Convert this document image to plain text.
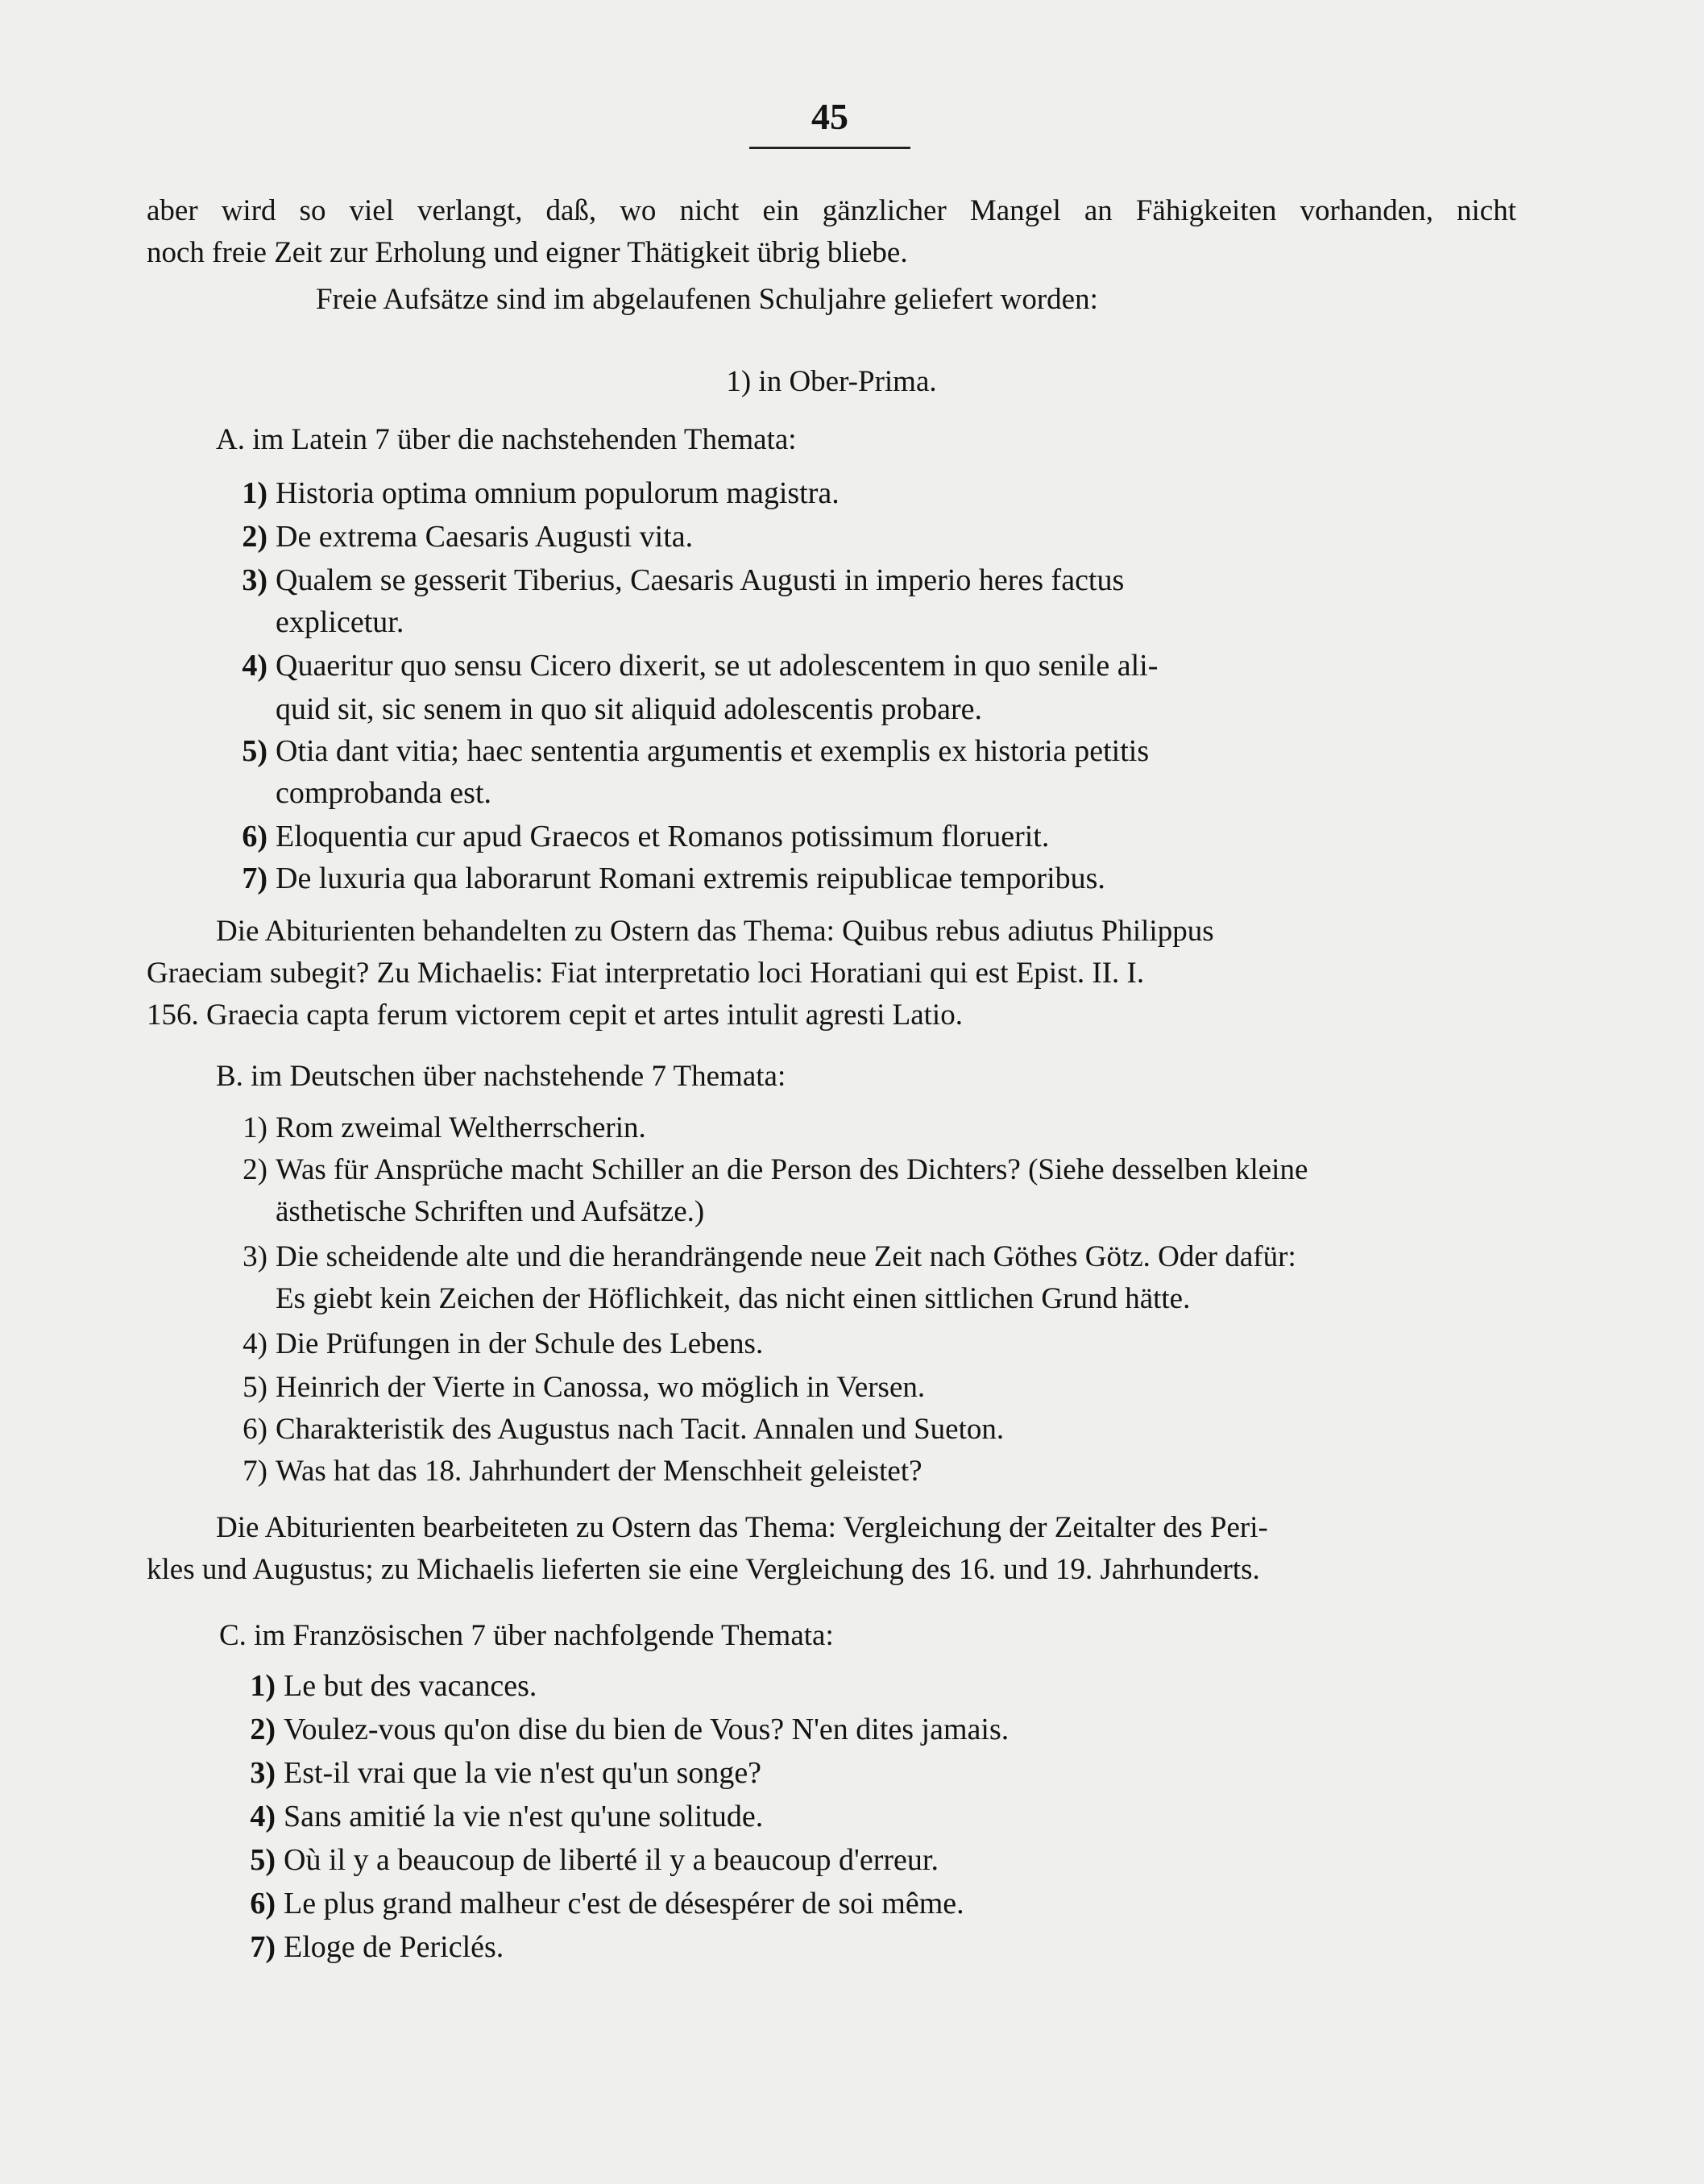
45
aber wird so viel verlangt, daß, wo nicht ein gänzlicher Mangel an Fähigkeiten vorhanden, nicht
noch freie Zeit zur Erholung und eigner Thätigkeit übrig bliebe.
Freie Aufsätze sind im abgelaufenen Schuljahre geliefert worden:
1) in Ober-Prima.
A. im Latein 7 über die nachstehenden Themata:
1) Historia optima omnium populorum magistra.
2) De extrema Caesaris Augusti vita.
3) Qualem se gesserit Tiberius, Caesaris Augusti in imperio heres factus
explicetur.
4) Quaeritur quo sensu Cicero dixerit, se ut adolescentem in quo senile ali-
quid sit, sic senem in quo sit aliquid adolescentis probare.
5) Otia dant vitia; haec sententia argumentis et exemplis ex historia petitis
comprobanda est.
6) Eloquentia cur apud Graecos et Romanos potissimum floruerit.
7) De luxuria qua laborarunt Romani extremis reipublicae temporibus.
Die Abiturienten behandelten zu Ostern das Thema: Quibus rebus adiutus Philippus
Graeciam subegit? Zu Michaelis: Fiat interpretatio loci Horatiani qui est Epist. II. I.
156. Graecia capta ferum victorem cepit et artes intulit agresti Latio.
B. im Deutschen über nachstehende 7 Themata:
1) Rom zweimal Weltherrscherin.
2) Was für Ansprüche macht Schiller an die Person des Dichters? (Siehe desselben kleine
ästhetische Schriften und Aufsätze.)
3) Die scheidende alte und die herandrängende neue Zeit nach Göthes Götz. Oder dafür:
Es giebt kein Zeichen der Höflichkeit, das nicht einen sittlichen Grund hätte.
4) Die Prüfungen in der Schule des Lebens.
5) Heinrich der Vierte in Canossa, wo möglich in Versen.
6) Charakteristik des Augustus nach Tacit. Annalen und Sueton.
7) Was hat das 18. Jahrhundert der Menschheit geleistet?
Die Abiturienten bearbeiteten zu Ostern das Thema: Vergleichung der Zeitalter des Peri-
kles und Augustus; zu Michaelis lieferten sie eine Vergleichung des 16. und 19. Jahrhunderts.
C. im Französischen 7 über nachfolgende Themata:
1) Le but des vacances.
2) Voulez-vous qu'on dise du bien de Vous? N'en dites jamais.
3) Est-il vrai que la vie n'est qu'un songe?
4) Sans amitié la vie n'est qu'une solitude.
5) Où il y a beaucoup de liberté il y a beaucoup d'erreur.
6) Le plus grand malheur c'est de désespérer de soi même.
7) Eloge de Periclés.
